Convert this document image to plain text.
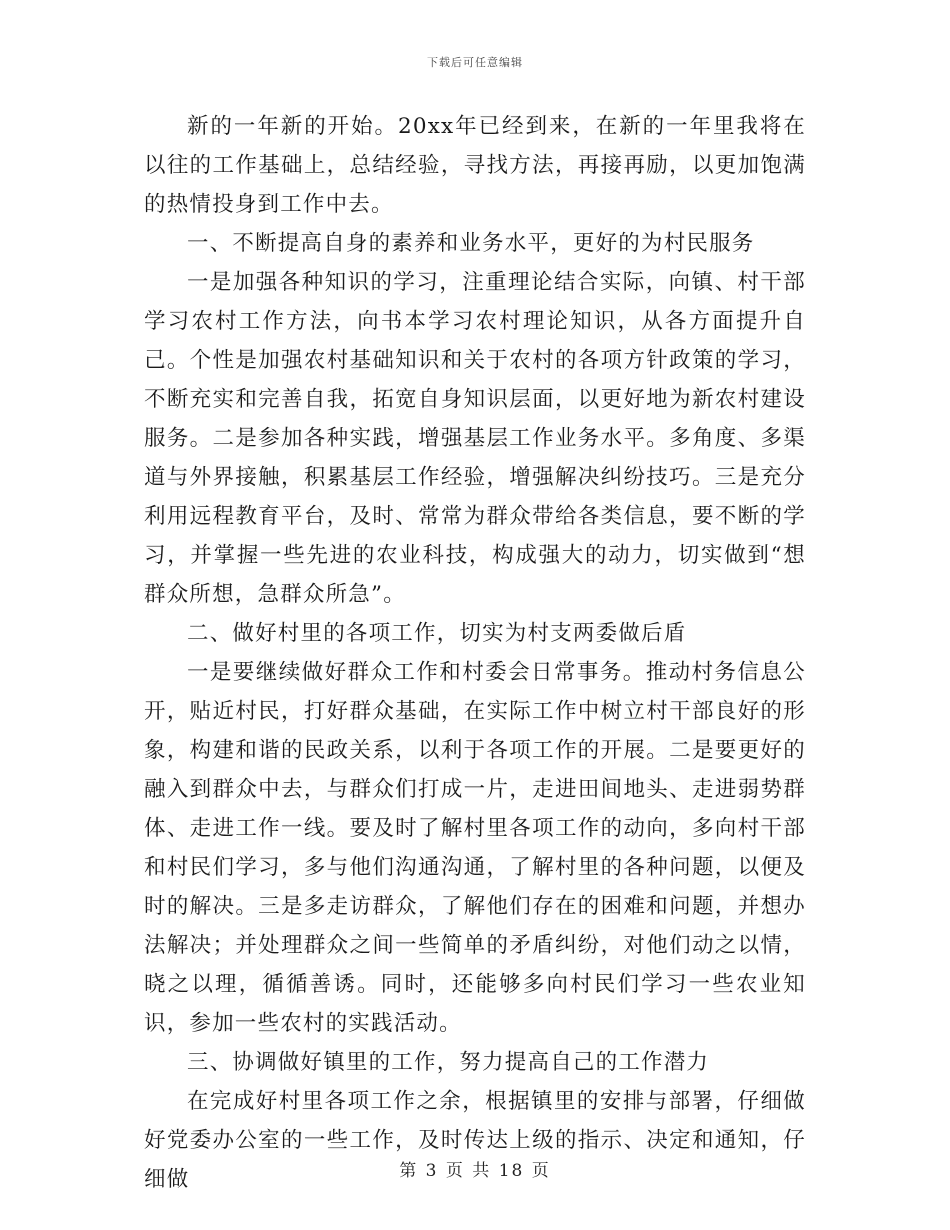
下载后可任意编辑

新的一年新的开始。20xx年已经到来，在新的一年里我将在以往的工作基础上，总结经验，寻找方法，再接再励，以更加饱满的热情投身到工作中去。

一、不断提高自身的素养和业务水平，更好的为村民服务

一是加强各种知识的学习，注重理论结合实际，向镇、村干部学习农村工作方法，向书本学习农村理论知识，从各方面提升自己。个性是加强农村基础知识和关于农村的各项方针政策的学习，不断充实和完善自我，拓宽自身知识层面，以更好地为新农村建设服务。二是参加各种实践，增强基层工作业务水平。多角度、多渠道与外界接触，积累基层工作经验，增强解决纠纷技巧。三是充分利用远程教育平台，及时、常常为群众带给各类信息，要不断的学习，并掌握一些先进的农业科技，构成强大的动力，切实做到“想群众所想，急群众所急”。

二、做好村里的各项工作，切实为村支两委做后盾

一是要继续做好群众工作和村委会日常事务。推动村务信息公开，贴近村民，打好群众基础，在实际工作中树立村干部良好的形象，构建和谐的民政关系，以利于各项工作的开展。二是要更好的融入到群众中去，与群众们打成一片，走进田间地头、走进弱势群体、走进工作一线。要及时了解村里各项工作的动向，多向村干部和村民们学习，多与他们沟通沟通，了解村里的各种问题，以便及时的解决。三是多走访群众，了解他们存在的困难和问题，并想办法解决；并处理群众之间一些简单的矛盾纠纷，对他们动之以情，晓之以理，循循善诱。同时，还能够多向村民们学习一些农业知识，参加一些农村的实践活动。

三、协调做好镇里的工作，努力提高自己的工作潜力

在完成好村里各项工作之余，根据镇里的安排与部署，仔细做好党委办公室的一些工作，及时传达上级的指示、决定和通知，仔细做	第 3 页 共 18 页
